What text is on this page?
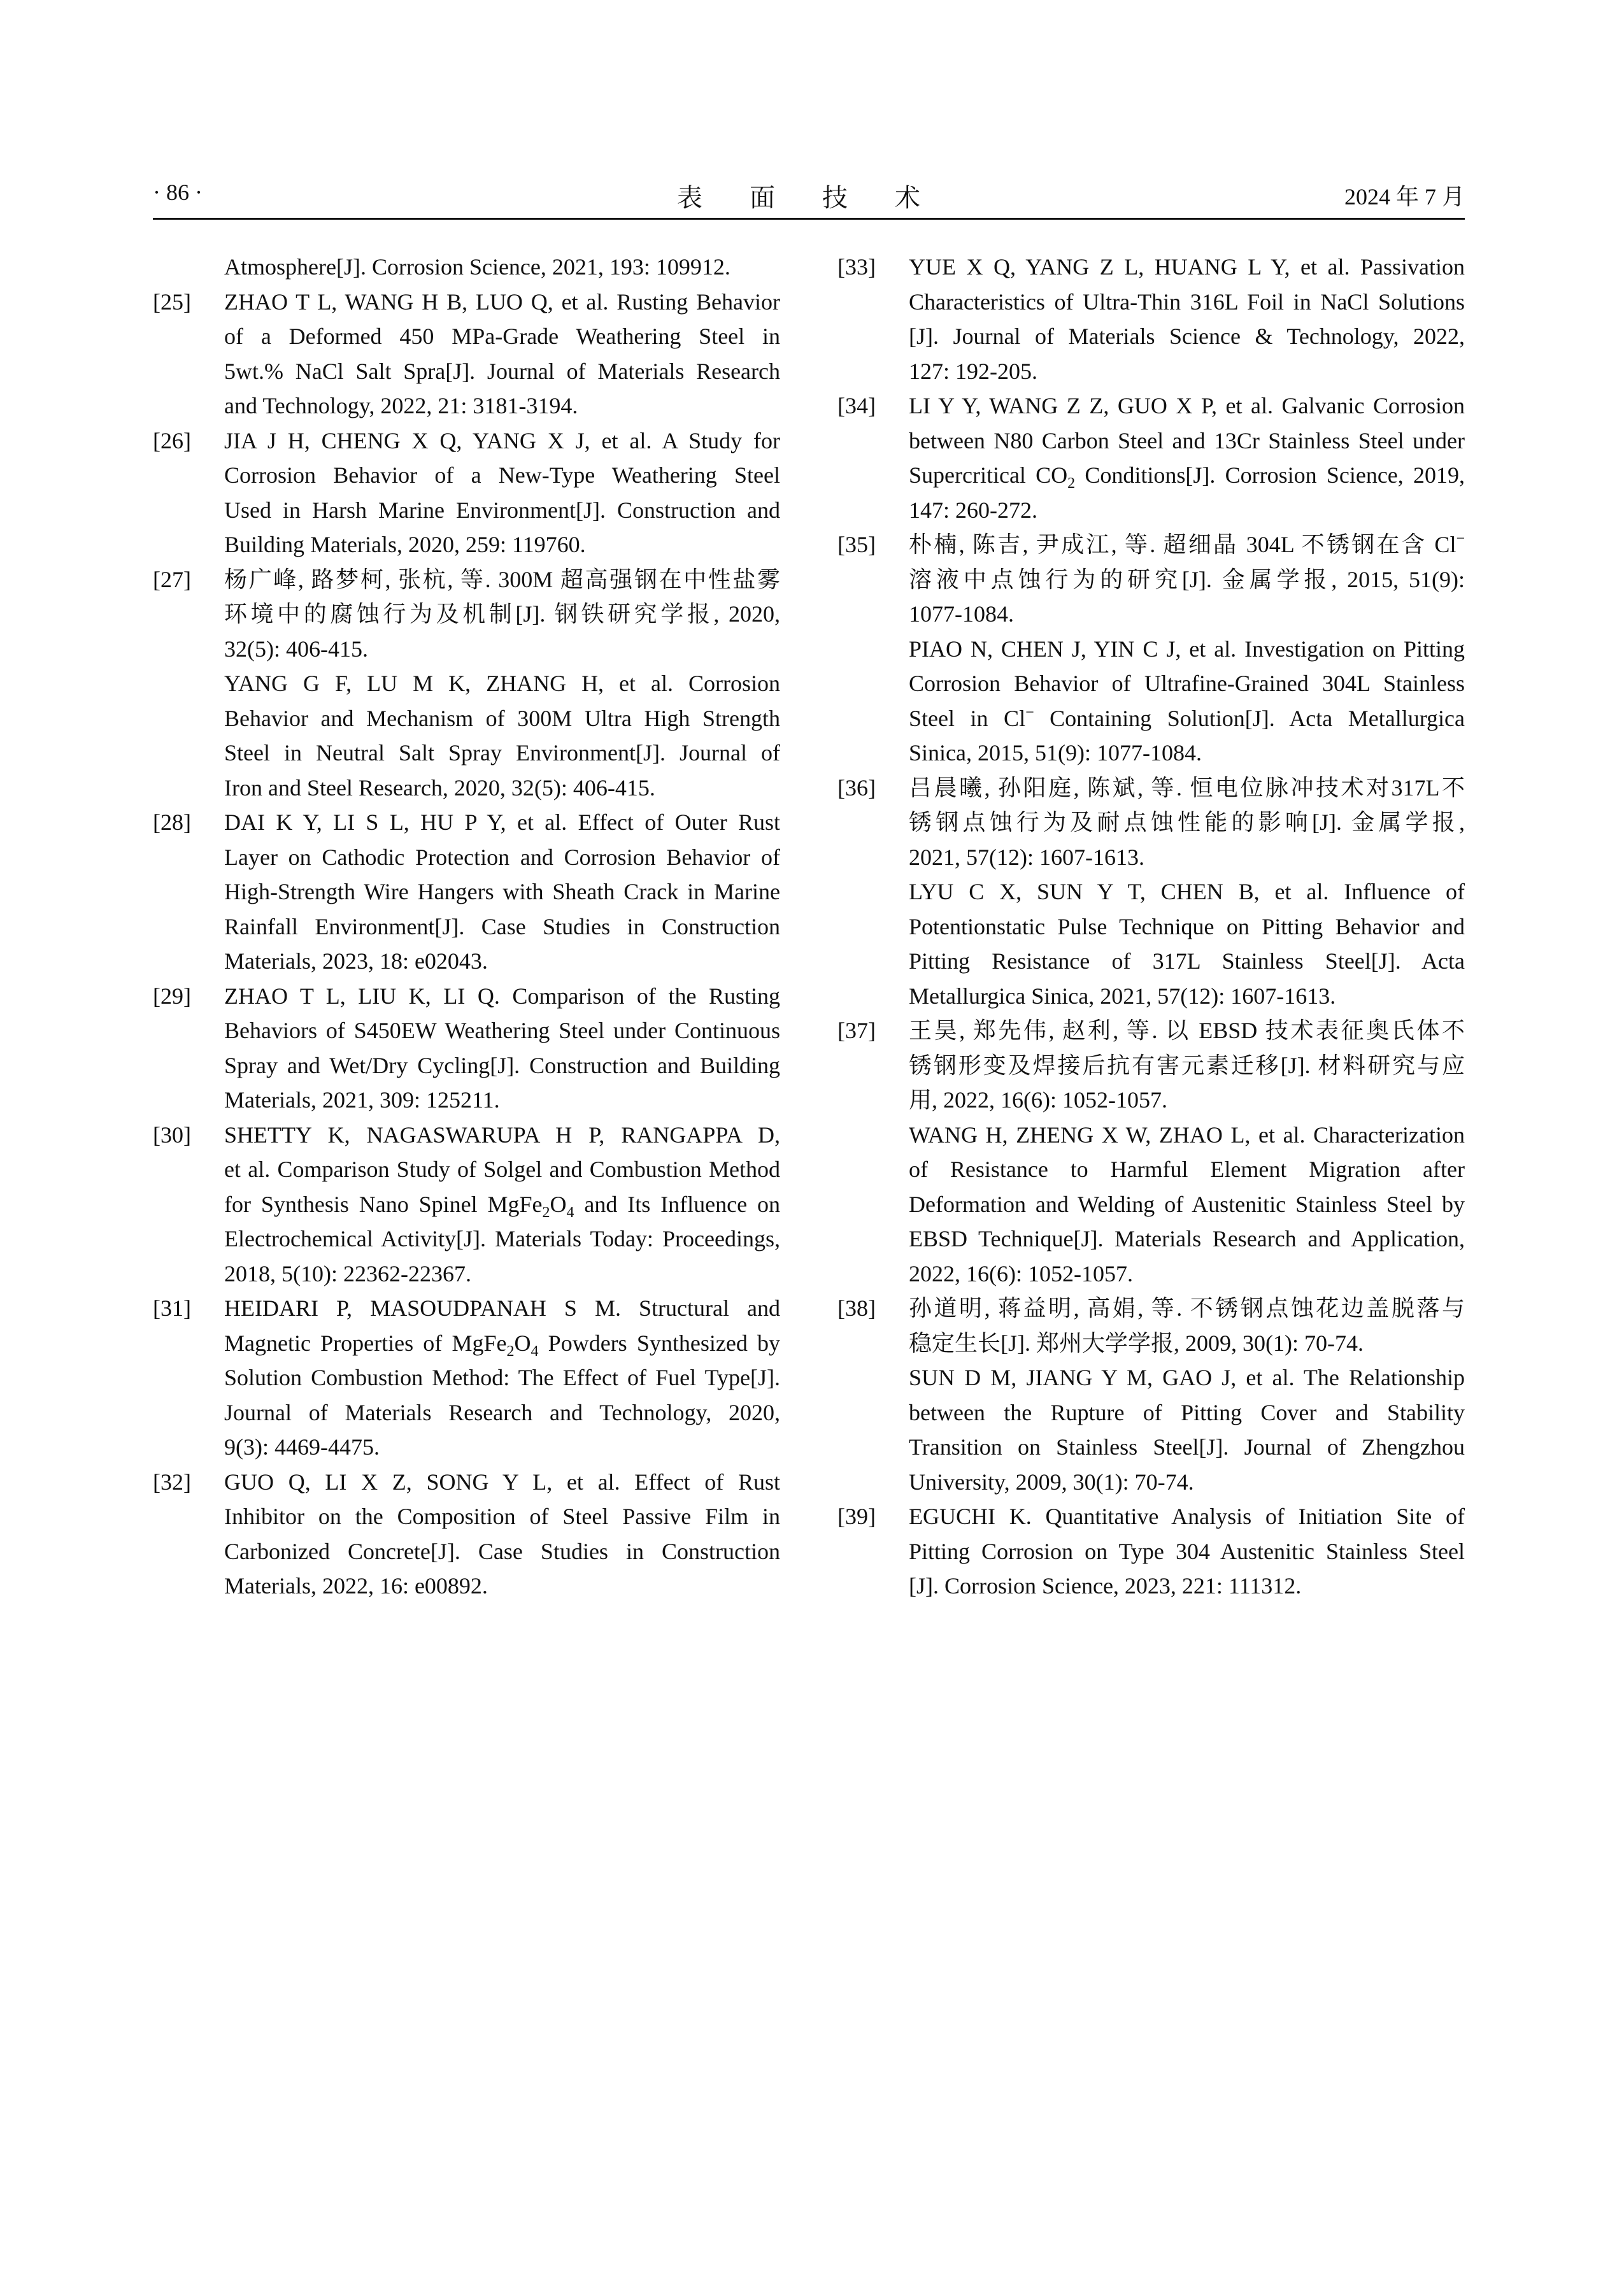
· 86 ·	表 面 技 术	2024 年 7 月
Atmosphere[J]. Corrosion Science, 2021, 193: 109912.
[25] ZHAO T L, WANG H B, LUO Q, et al. Rusting Behavior
of a Deformed 450 MPa-Grade Weathering Steel in
5wt.% NaCl Salt Spra[J]. Journal of Materials Research
and Technology, 2022, 21: 3181-3194.
[26] JIA J H, CHENG X Q, YANG X J, et al. A Study for
Corrosion Behavior of a New-Type Weathering Steel
Used in Harsh Marine Environment[J]. Construction and
Building Materials, 2020, 259: 119760.
[27] 杨广峰, 路梦柯, 张杭, 等. 300M 超高强钢在中性盐雾
环境中的腐蚀行为及机制[J]. 钢铁研究学报, 2020,
32(5): 406-415.
YANG G F, LU M K, ZHANG H, et al. Corrosion
Behavior and Mechanism of 300M Ultra High Strength
Steel in Neutral Salt Spray Environment[J]. Journal of
Iron and Steel Research, 2020, 32(5): 406-415.
[28] DAI K Y, LI S L, HU P Y, et al. Effect of Outer Rust
Layer on Cathodic Protection and Corrosion Behavior of
High-Strength Wire Hangers with Sheath Crack in Marine
Rainfall Environment[J]. Case Studies in Construction
Materials, 2023, 18: e02043.
[29] ZHAO T L, LIU K, LI Q. Comparison of the Rusting
Behaviors of S450EW Weathering Steel under Continuous
Spray and Wet/Dry Cycling[J]. Construction and Building
Materials, 2021, 309: 125211.
[30] SHETTY K, NAGASWARUPA H P, RANGAPPA D,
et al. Comparison Study of Solgel and Combustion Method
for Synthesis Nano Spinel $MgFe_2O_4$ and Its Influence on
Electrochemical Activity[J]. Materials Today: Proceedings,
2018, 5(10): 22362-22367.
[31] HEIDARI P, MASOUDPANAH S M. Structural and
Magnetic Properties of $MgFe_2O_4$ Powders Synthesized by
Solution Combustion Method: The Effect of Fuel Type[J].
Journal of Materials Research and Technology, 2020,
9(3): 4469-4475.
[32] GUO Q, LI X Z, SONG Y L, et al. Effect of Rust
Inhibitor on the Composition of Steel Passive Film in
Carbonized Concrete[J]. Case Studies in Construction
Materials, 2022, 16: e00892.
[33] YUE X Q, YANG Z L, HUANG L Y, et al. Passivation
Characteristics of Ultra-Thin 316L Foil in NaCl Solutions
[J]. Journal of Materials Science & Technology, 2022,
127: 192-205.
[34] LI Y Y, WANG Z Z, GUO X P, et al. Galvanic Corrosion
between N80 Carbon Steel and 13Cr Stainless Steel under
Supercritical $CO_2$ Conditions[J]. Corrosion Science, 2019,
147: 260-272.
[35] 朴楠, 陈吉, 尹成江, 等. 超细晶 304L 不锈钢在含 Cl−
溶液中点蚀行为的研究[J]. 金属学报, 2015, 51(9):
1077-1084.
PIAO N, CHEN J, YIN C J, et al. Investigation on Pitting
Corrosion Behavior of Ultrafine-Grained 304L Stainless
Steel in Cl− Containing Solution[J]. Acta Metallurgica
Sinica, 2015, 51(9): 1077-1084.
[36] 吕晨曦, 孙阳庭, 陈斌, 等. 恒电位脉冲技术对317L不
锈钢点蚀行为及耐点蚀性能的影响[J]. 金属学报,
2021, 57(12): 1607-1613.
LYU C X, SUN Y T, CHEN B, et al. Influence of
Potentionstatic Pulse Technique on Pitting Behavior and
Pitting Resistance of 317L Stainless Steel[J]. Acta
Metallurgica Sinica, 2021, 57(12): 1607-1613.
[37] 王昊, 郑先伟, 赵利, 等. 以 EBSD 技术表征奥氏体不
锈钢形变及焊接后抗有害元素迁移[J]. 材料研究与应
用, 2022, 16(6): 1052-1057.
WANG H, ZHENG X W, ZHAO L, et al. Characterization
of Resistance to Harmful Element Migration after
Deformation and Welding of Austenitic Stainless Steel by
EBSD Technique[J]. Materials Research and Application,
2022, 16(6): 1052-1057.
[38] 孙道明, 蒋益明, 高娟, 等. 不锈钢点蚀花边盖脱落与
稳定生长[J]. 郑州大学学报, 2009, 30(1): 70-74.
SUN D M, JIANG Y M, GAO J, et al. The Relationship
between the Rupture of Pitting Cover and Stability
Transition on Stainless Steel[J]. Journal of Zhengzhou
University, 2009, 30(1): 70-74.
[39] EGUCHI K. Quantitative Analysis of Initiation Site of
Pitting Corrosion on Type 304 Austenitic Stainless Steel
[J]. Corrosion Science, 2023, 221: 111312.
